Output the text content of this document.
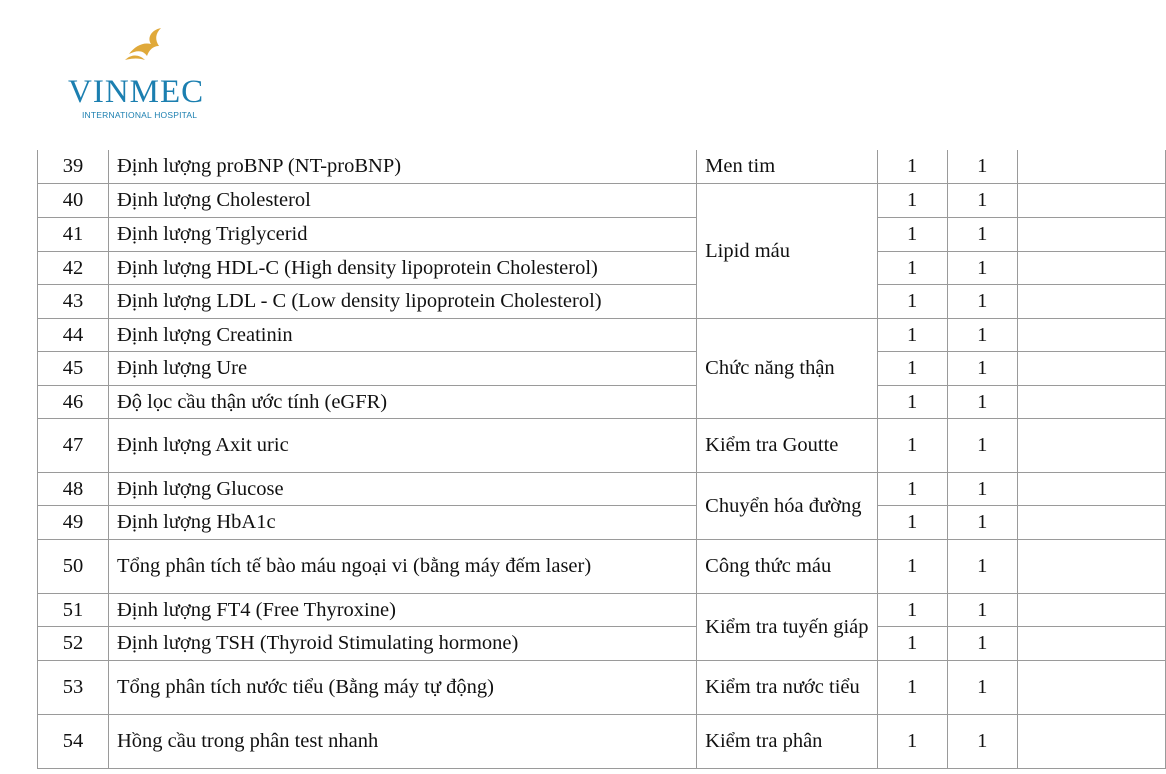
VINMEC
INTERNATIONAL HOSPITAL
39	Định lượng proBNP (NT-proBNP)	Men tim	1	1	
40	Định lượng Cholesterol	Lipid máu	1	1	
41	Định lượng Triglycerid		1	1	
42	Định lượng HDL-C (High density lipoprotein Cholesterol)		1	1	
43	Định lượng LDL - C (Low density lipoprotein Cholesterol)		1	1	
44	Định lượng Creatinin	Chức năng thận	1	1	
45	Định lượng Ure		1	1	
46	Độ lọc cầu thận ước tính (eGFR)		1	1	
47	Định lượng Axit uric	Kiểm tra Goutte	1	1	
48	Định lượng Glucose	Chuyển hóa đường	1	1	
49	Định lượng HbA1c		1	1	
50	Tổng phân tích tế bào máu ngoại vi (bằng máy đếm laser)	Công thức máu	1	1	
51	Định lượng FT4 (Free Thyroxine)	Kiểm tra tuyến giáp	1	1	
52	Định lượng TSH (Thyroid Stimulating hormone)		1	1	
53	Tổng phân tích nước tiểu (Bằng máy tự động)	Kiểm tra nước tiểu	1	1	
54	Hồng cầu trong phân test nhanh	Kiểm tra phân	1	1	
